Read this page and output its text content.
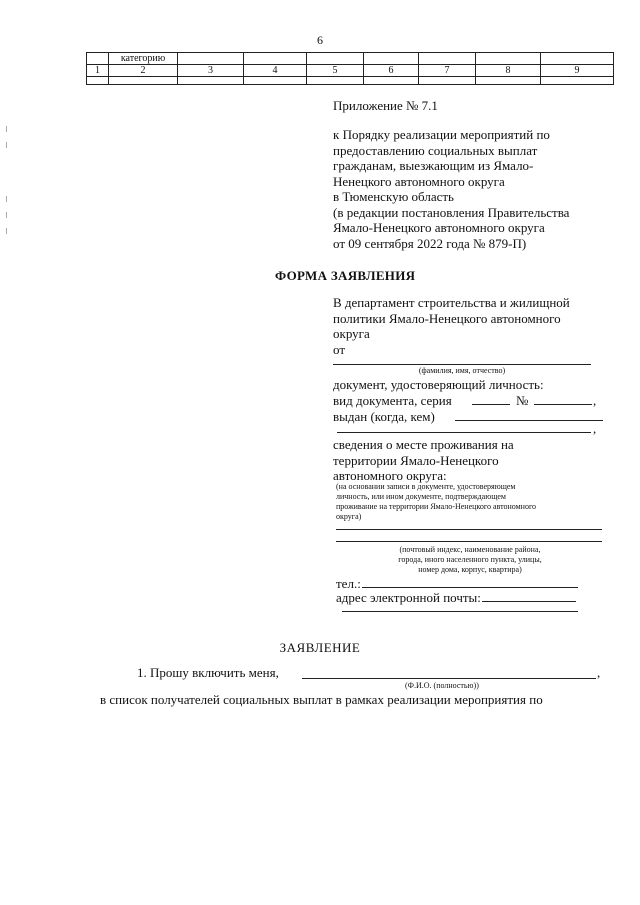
6
	категорию							
1	2	3	4	5	6	7	8	9

Приложение № 7.1
к Порядку реализации мероприятий по
предоставлению социальных выплат
гражданам, выезжающим из Ямало-
Ненецкого автономного округа
в Тюменскую область
(в редакции постановления Правительства
Ямало-Ненецкого автономного округа
от 09 сентября 2022 года № 879-П)
ФОРМА ЗАЯВЛЕНИЯ
В департамент строительства и жилищной
политики Ямало-Ненецкого автономного
округа
от
(фамилия, имя, отчество)
документ, удостоверяющий личность:
вид документа, серия	№	,
выдан (когда, кем)
,
сведения о месте проживания на
территории Ямало-Ненецкого
автономного округа:
(на основании записи в документе, удостоверяющем
личность, или ином документе, подтверждающем
проживание на территории Ямало-Ненецкого автономного
округа)
(почтовый индекс, наименование района,
города, иного населенного пункта, улицы,
номер дома, корпус, квартира)
тел.:
адрес электронной почты:
ЗАЯВЛЕНИЕ
1. Прошу включить меня,	,
(Ф.И.О. (полностью))
в список получателей социальных выплат в рамках реализации мероприятия по
